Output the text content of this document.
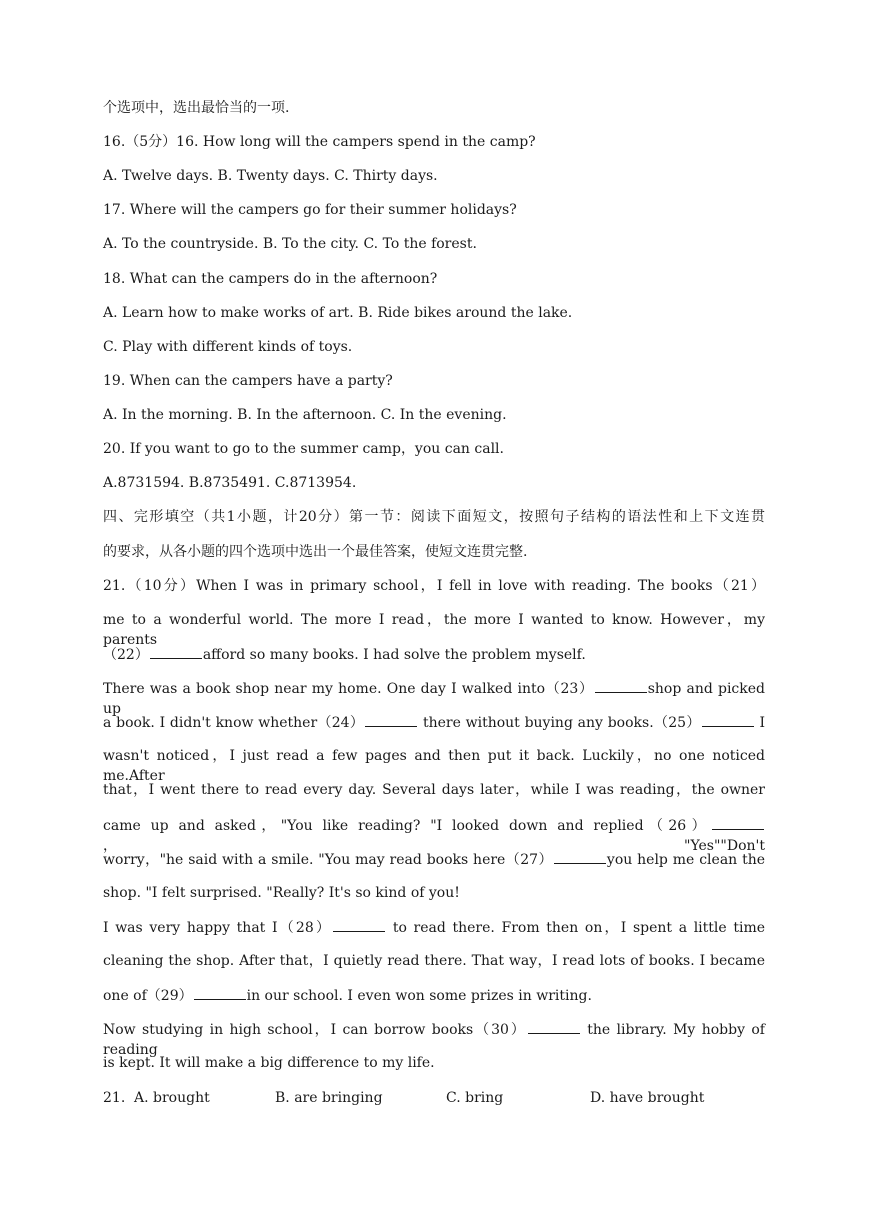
个选项中，选出最恰当的一项.
16.（5分）16. How long will the campers spend in the camp?
A. Twelve days. B. Twenty days. C. Thirty days.
17. Where will the campers go for their summer holidays?
A. To the countryside. B. To the city. C. To the forest.
18. What can the campers do in the afternoon?
A. Learn how to make works of art. B. Ride bikes around the lake.
C. Play with different kinds of toys.
19. When can the campers have a party?
A. In the morning. B. In the afternoon. C. In the evening.
20. If you want to go to the summer camp，you can call.
A.8731594. B.8735491. C.8713954.
四、完形填空（共1小题，计20分）第一节：阅读下面短文，按照句子结构的语法性和上下文连贯
的要求，从各小题的四个选项中选出一个最佳答案，使短文连贯完整.
21.（10分）When I was in primary school，I fell in love with reading. The books（21）
me to a wonderful world. The more I read，the more I wanted to know. However，my parents
（22）	afford so many books. I had solve the problem myself.
There was a book shop near my home. One day I walked into（23）	shop and picked up
a book. I didn't know whether（24）	there without buying any books.（25）	I
wasn't noticed，I just read a few pages and then put it back. Luckily，no one noticed me.After
that，I went there to read every day. Several days later，while I was reading，the owner
came up and asked，"You like reading? "I looked down and replied（26），"Yes""Don't
worry，"he said with a smile. "You may read books here（27）	you help me clean the
shop. "I felt surprised. "Really? It's so kind of you!
I was very happy that I（28）	to read there. From then on，I spent a little time
cleaning the shop. After that，I quietly read there. That way，I read lots of books. I became
one of（29）	in our school. I even won some prizes in writing.
Now studying in high school，I can borrow books（30）	the library. My hobby of reading
is kept. It will make a big difference to my life.
21. A. brought	B. are bringing	C. bring	D. have brought
